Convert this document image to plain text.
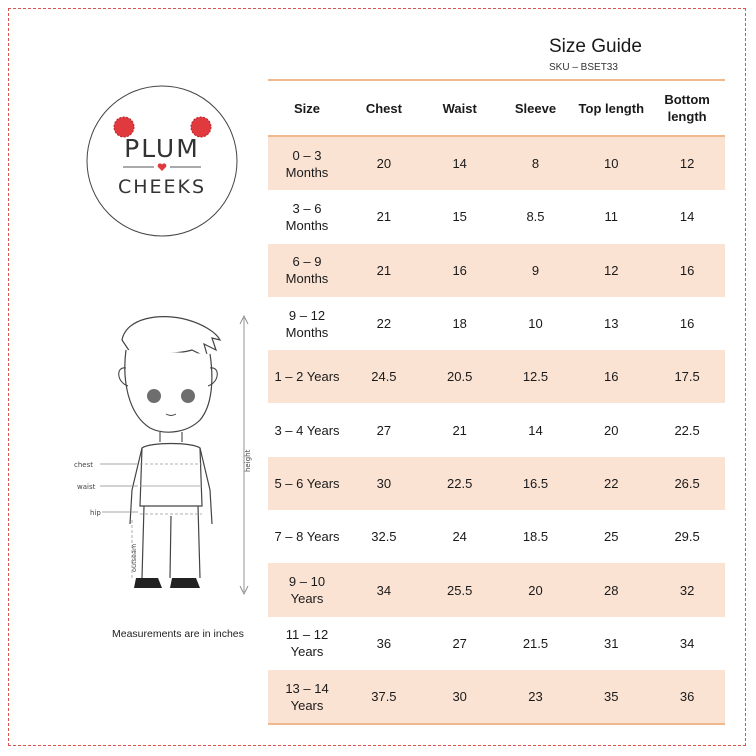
Size Guide
SKU – BSET33
PLUM
CHEEKS
chest
waist
hip
outseam
height
Measurements are in inches
Size	Chest	Waist	Sleeve	Top length	Bottom length
0 – 3
Months	20	14	8	10	12
3 – 6
Months	21	15	8.5	11	14
6 – 9
Months	21	16	9	12	16
9 – 12
Months	22	18	10	13	16
1 – 2 Years	24.5	20.5	12.5	16	17.5
3 – 4 Years	27	21	14	20	22.5
5 – 6 Years	30	22.5	16.5	22	26.5
7 – 8 Years	32.5	24	18.5	25	29.5
9 – 10
Years	34	25.5	20	28	32
11 – 12
Years	36	27	21.5	31	34
13 – 14
Years	37.5	30	23	35	36
